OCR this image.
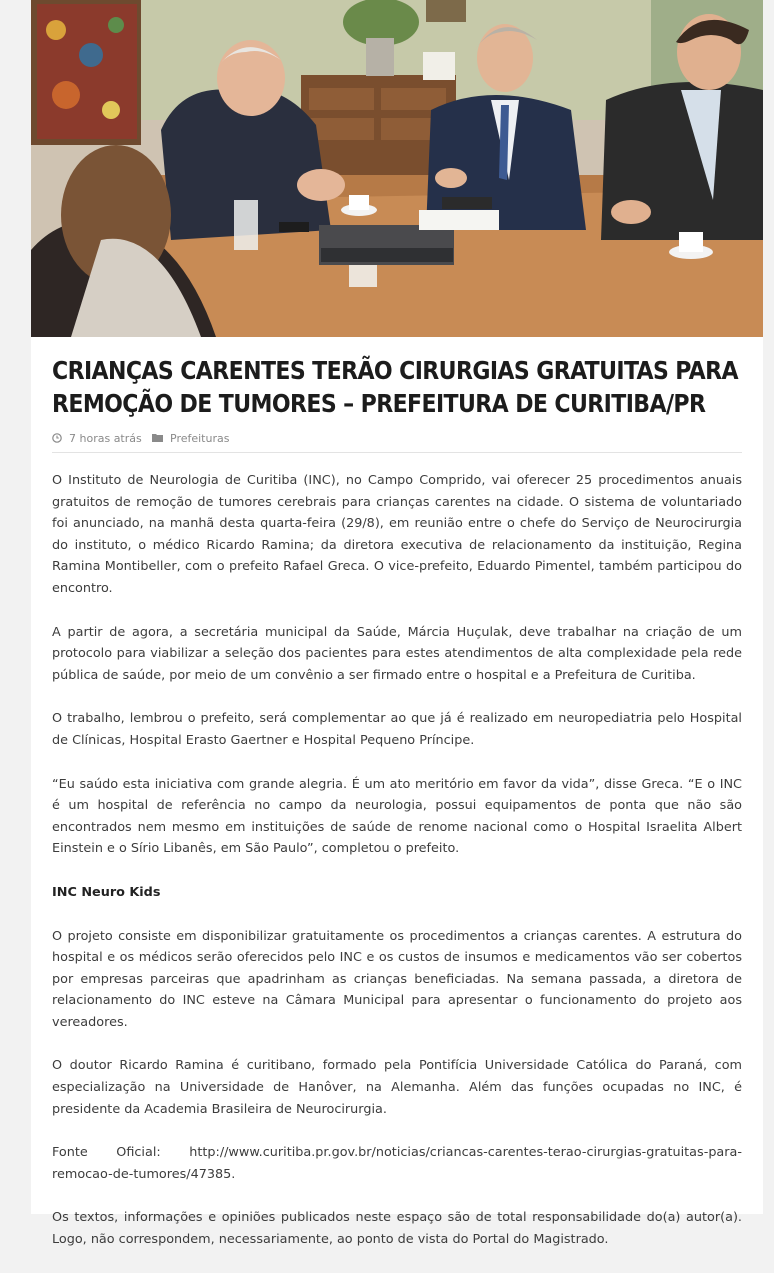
CRIANÇAS CARENTES TERÃO CIRURGIAS GRATUITAS PARA REMOÇÃO DE TUMORES – PREFEITURA DE CURITIBA/PR
7 horas atrás	Prefeituras

O Instituto de Neurologia de Curitiba (INC), no Campo Comprido, vai oferecer 25 procedimentos anuais gratuitos de remoção de tumores cerebrais para crianças carentes na cidade. O sistema de voluntariado foi anunciado, na manhã desta quarta-feira (29/8), em reunião entre o chefe do Serviço de Neurocirurgia do instituto, o médico Ricardo Ramina; da diretora executiva de relacionamento da instituição, Regina Ramina Montibeller, com o prefeito Rafael Greca. O vice-prefeito, Eduardo Pimentel, também participou do encontro.

A partir de agora, a secretária municipal da Saúde, Márcia Huçulak, deve trabalhar na criação de um protocolo para viabilizar a seleção dos pacientes para estes atendimentos de alta complexidade pela rede pública de saúde, por meio de um convênio a ser firmado entre o hospital e a Prefeitura de Curitiba.

O trabalho, lembrou o prefeito, será complementar ao que já é realizado em neuropediatria pelo Hospital de Clínicas, Hospital Erasto Gaertner e Hospital Pequeno Príncipe.

“Eu saúdo esta iniciativa com grande alegria. É um ato meritório em favor da vida”, disse Greca. “E o INC é um hospital de referência no campo da neurologia, possui equipamentos de ponta que não são encontrados nem mesmo em instituições de saúde de renome nacional como o Hospital Israelita Albert Einstein e o Sírio Libanês, em São Paulo”, completou o prefeito.

INC Neuro Kids

O projeto consiste em disponibilizar gratuitamente os procedimentos a crianças carentes. A estrutura do hospital e os médicos serão oferecidos pelo INC e os custos de insumos e medicamentos vão ser cobertos por empresas parceiras que apadrinham as crianças beneficiadas. Na semana passada, a diretora de relacionamento do INC esteve na Câmara Municipal para apresentar o funcionamento do projeto aos vereadores.

O doutor Ricardo Ramina é curitibano, formado pela Pontifícia Universidade Católica do Paraná, com especialização na Universidade de Hanôver, na Alemanha. Além das funções ocupadas no INC, é presidente da Academia Brasileira de Neurocirurgia.

Fonte Oficial: http://www.curitiba.pr.gov.br/noticias/criancas-carentes-terao-cirurgias-gratuitas-para-remocao-de-tumores/47385.

Os textos, informações e opiniões publicados neste espaço são de total responsabilidade do(a) autor(a). Logo, não correspondem, necessariamente, ao ponto de vista do Portal do Magistrado.
